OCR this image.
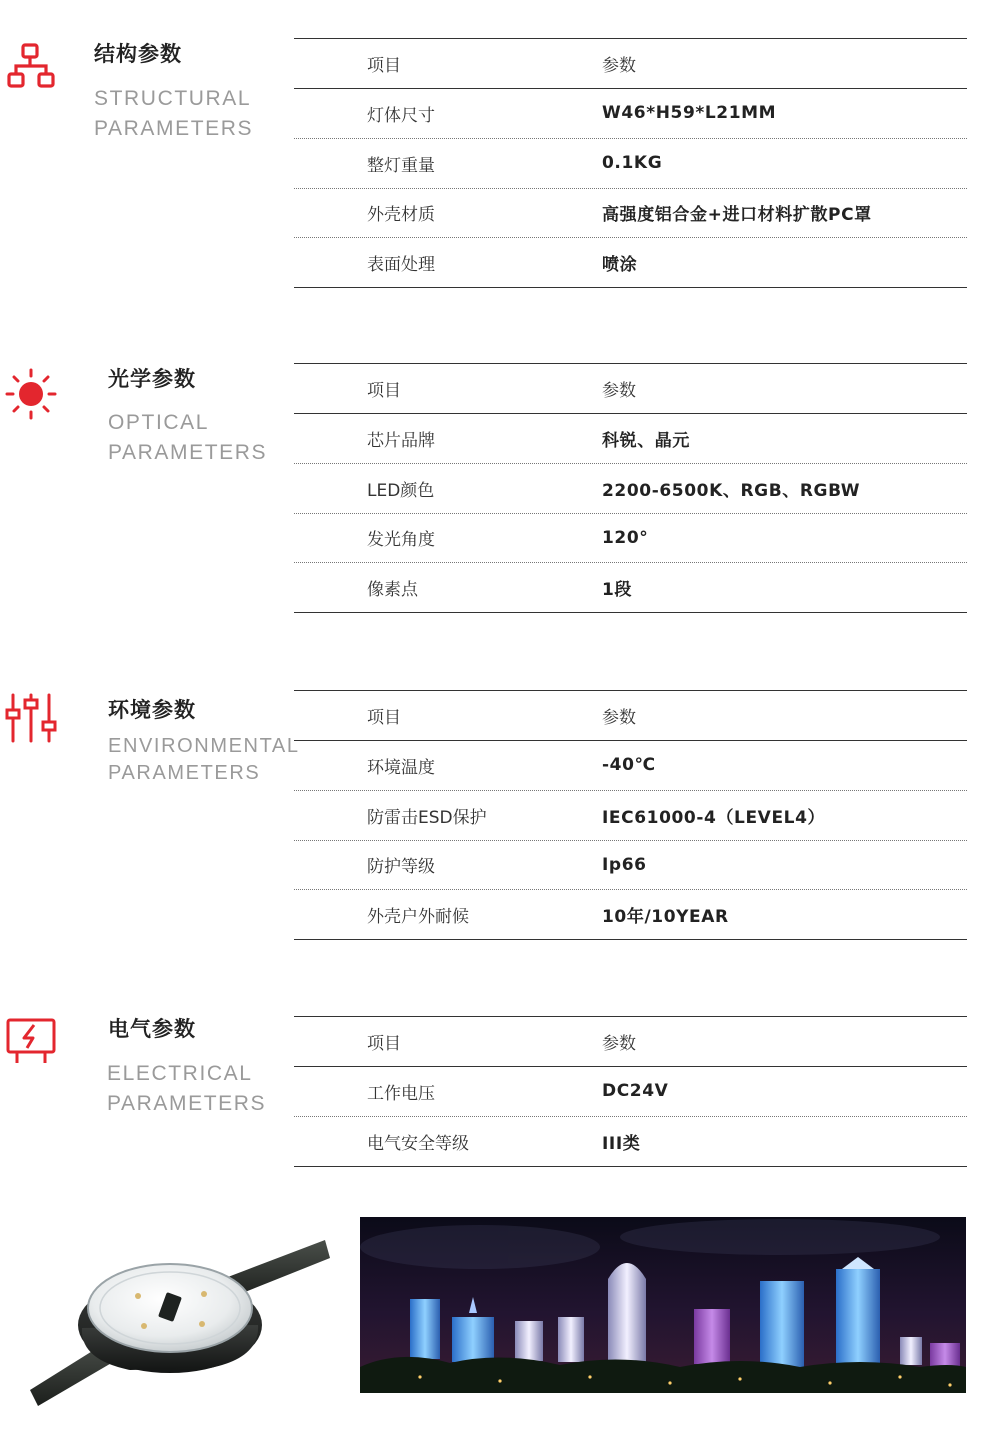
结构参数
STRUCTURAL
PARAMETERS
项目	参数
灯体尺寸	W46*H59*L21MM
整灯重量	0.1KG
外壳材质	高强度铝合金+进口材料扩散PC罩
表面处理	喷涂
光学参数
OPTICAL
PARAMETERS
项目	参数
芯片品牌	科锐、晶元
LED颜色	2200-6500K、RGB、RGBW
发光角度	120°
像素点	1段
环境参数
ENVIRONMENTAL
PARAMETERS
项目	参数
环境温度	-40℃
防雷击ESD保护	IEC61000-4（LEVEL4）
防护等级	Ip66
外壳户外耐候	10年/10YEAR
电气参数
ELECTRICAL
PARAMETERS
项目	参数
工作电压	DC24V
电气安全等级	III类
